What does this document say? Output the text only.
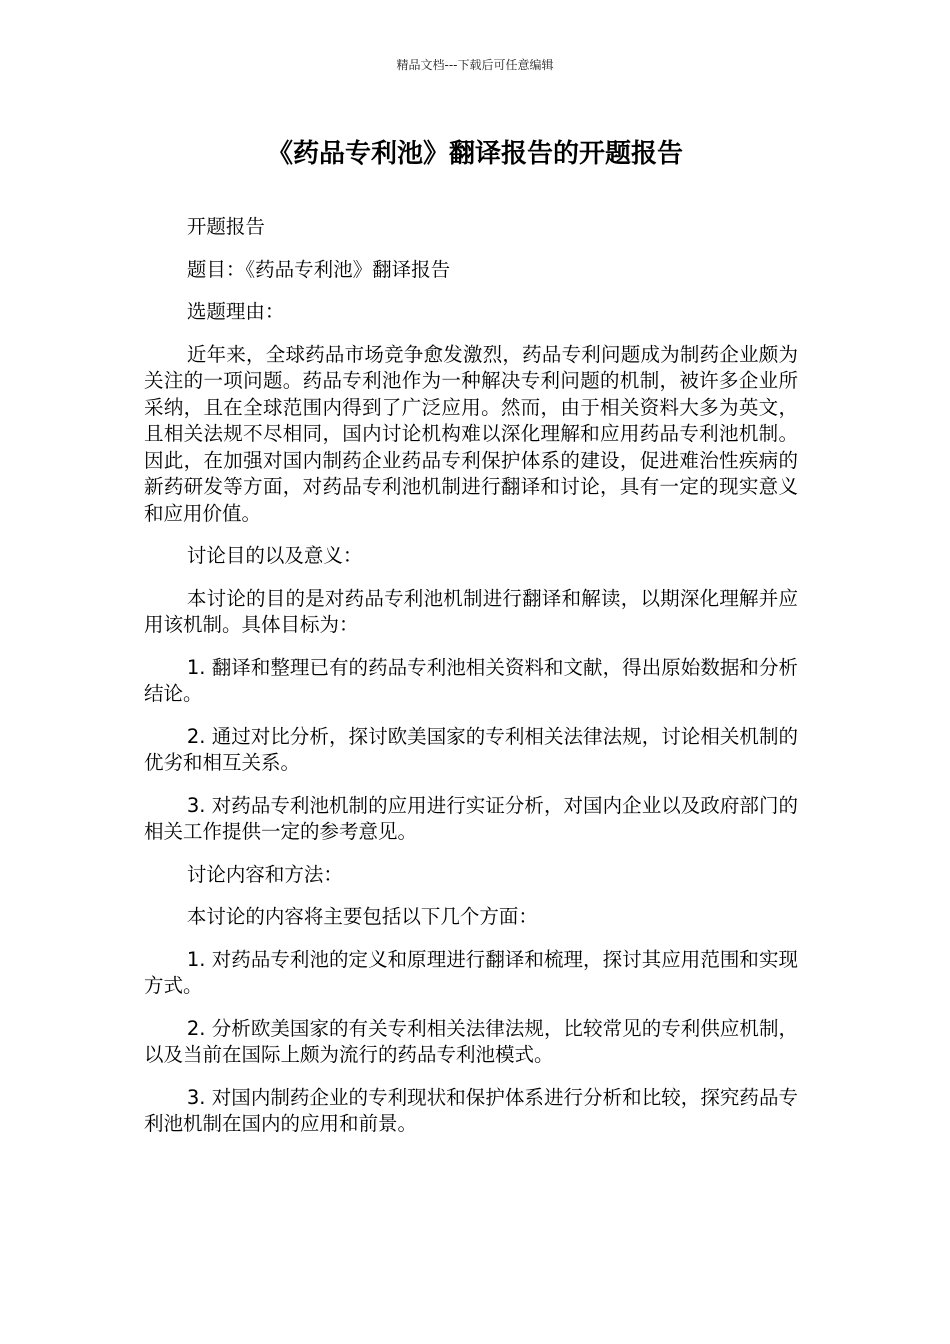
精品文档---下载后可任意编辑
《药品专利池》翻译报告的开题报告

开题报告

题目：《药品专利池》翻译报告

选题理由：

近年来，全球药品市场竞争愈发激烈，药品专利问题成为制药企业颇为关注的一项问题。药品专利池作为一种解决专利问题的机制，被许多企业所采纳，且在全球范围内得到了广泛应用。然而，由于相关资料大多为英文，且相关法规不尽相同，国内讨论机构难以深化理解和应用药品专利池机制。因此，在加强对国内制药企业药品专利保护体系的建设，促进难治性疾病的新药研发等方面，对药品专利池机制进行翻译和讨论，具有一定的现实意义和应用价值。

讨论目的以及意义：

本讨论的目的是对药品专利池机制进行翻译和解读，以期深化理解并应用该机制。具体目标为：

1. 翻译和整理已有的药品专利池相关资料和文献，得出原始数据和分析结论。

2. 通过对比分析，探讨欧美国家的专利相关法律法规，讨论相关机制的优劣和相互关系。

3. 对药品专利池机制的应用进行实证分析，对国内企业以及政府部门的相关工作提供一定的参考意见。

讨论内容和方法：

本讨论的内容将主要包括以下几个方面：

1. 对药品专利池的定义和原理进行翻译和梳理，探讨其应用范围和实现方式。

2. 分析欧美国家的有关专利相关法律法规，比较常见的专利供应机制，以及当前在国际上颇为流行的药品专利池模式。

3. 对国内制药企业的专利现状和保护体系进行分析和比较，探究药品专利池机制在国内的应用和前景。
